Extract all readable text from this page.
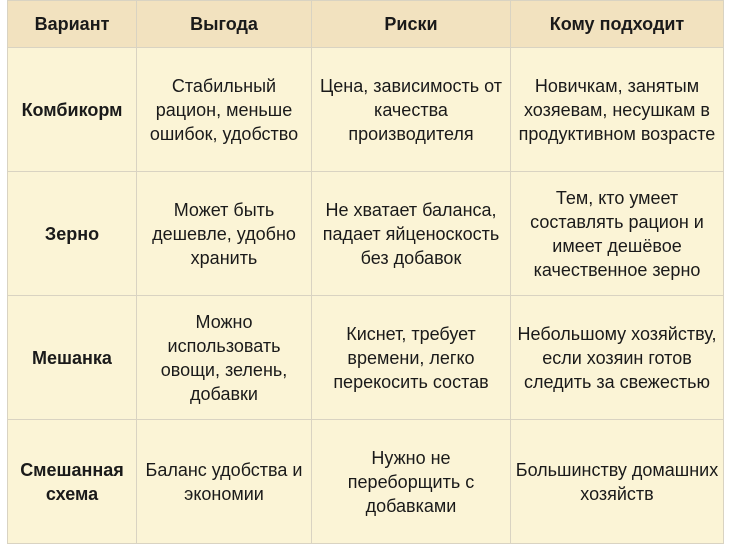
Вариант	Выгода	Риски	Кому подходит
Комбикорм	Стабильный рацион, меньше ошибок, удобство	Цена, зависимость от качества производителя	Новичкам, занятым хозяевам, несушкам в продуктивном возрасте
Зерно	Может быть дешевле, удобно хранить	Не хватает баланса, падает яйценоскость без добавок	Тем, кто умеет составлять рацион и имеет дешёвое качественное зерно
Мешанка	Можно использовать овощи, зелень, добавки	Киснет, требует времени, легко перекосить состав	Небольшому хозяйству, если хозяин готов следить за свежестью
Смешанная схема	Баланс удобства и экономии	Нужно не переборщить с добавками	Большинству домашних хозяйств
